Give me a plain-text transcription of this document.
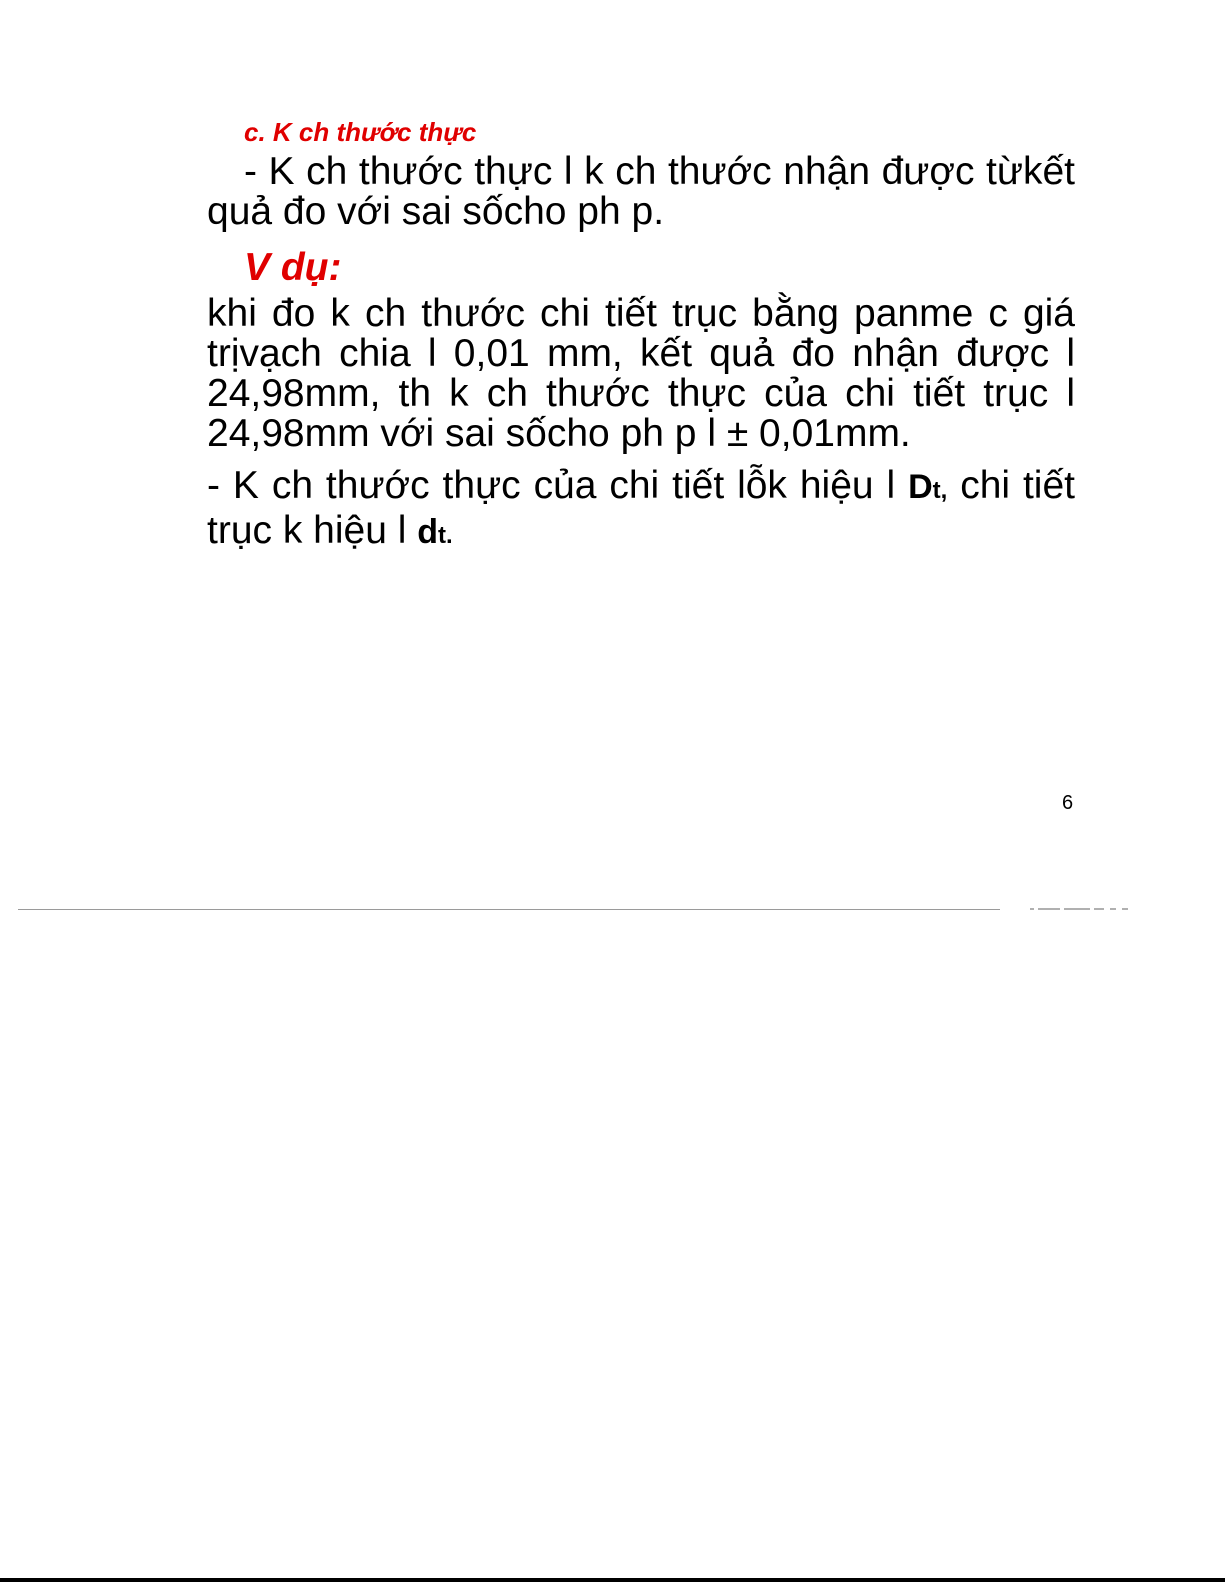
c. K ch thước thực

- K ch thước thực l k ch thước nhận được từkết quả đo với sai sốcho ph p.

V dụ:

khi đo k ch thước chi tiết trục bằng panme c giá trịvạch chia l 0,01 mm, kết quả đo nhận được l 24,98mm, th k ch thước thực của chi tiết trục l 24,98mm với sai sốcho ph p l ± 0,01mm.

- K ch thước thực của chi tiết lỗk hiệu l Dt, chi tiết trục k hiệu l dt.

6
